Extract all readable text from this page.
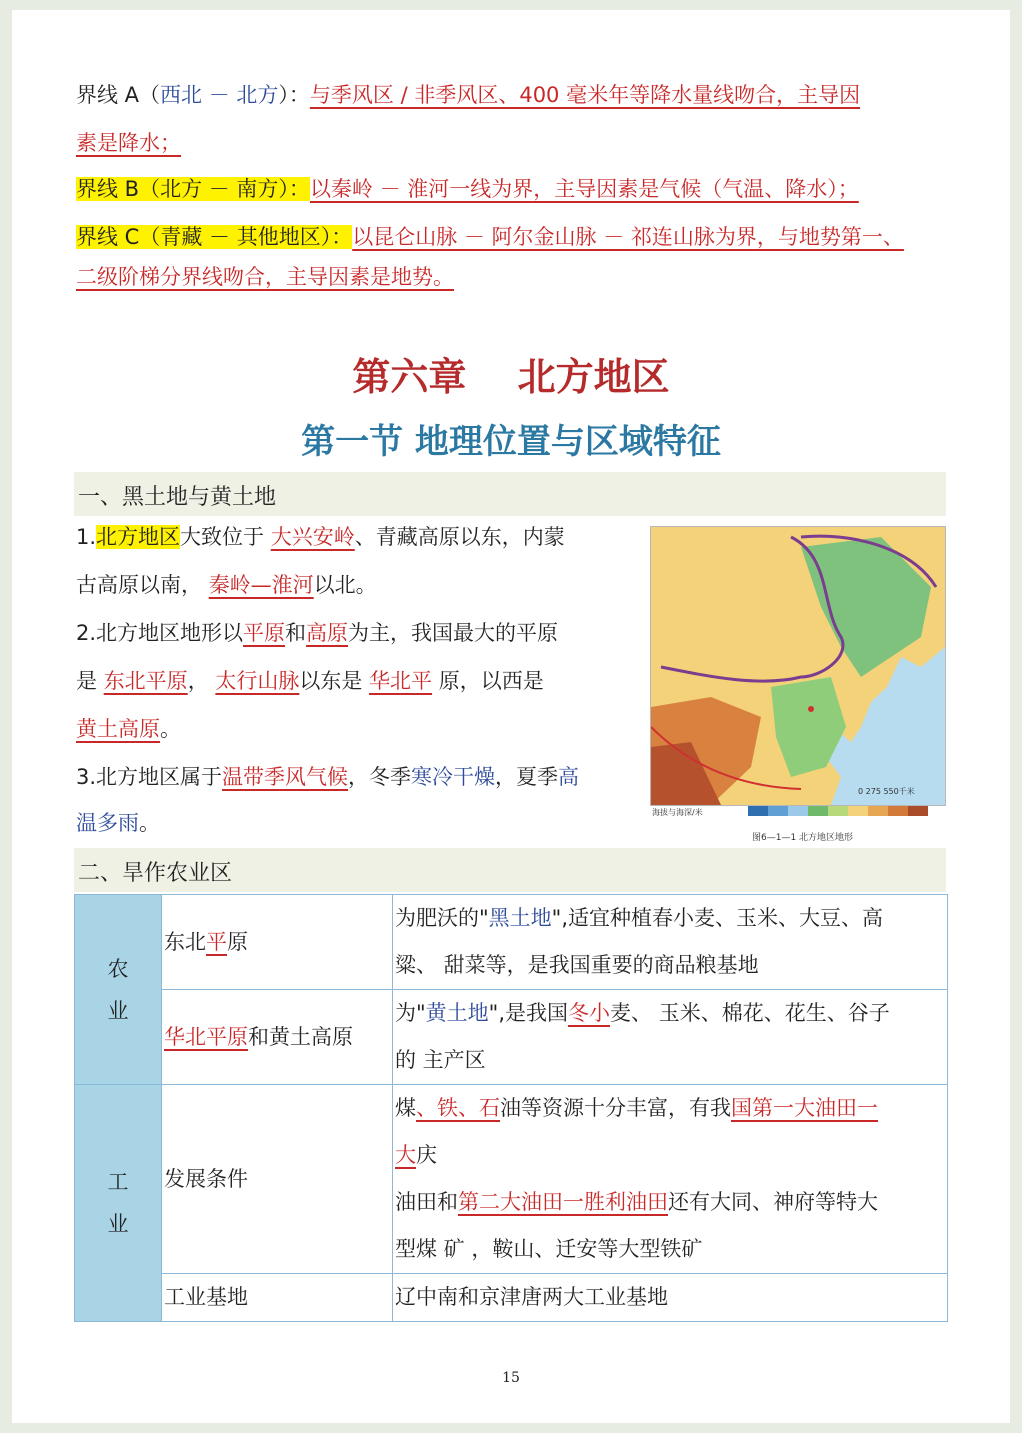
界线 A（西北 － 北方）：与季风区 / 非季风区、400 毫米年等降水量线吻合，主导因
素是降水；
界线 B（北方 － 南方）：以秦岭 － 淮河一线为界，主导因素是气候（气温、降水）；
界线 C（青藏 － 其他地区）：以昆仑山脉 － 阿尔金山脉 － 祁连山脉为界，与地势第一、
二级阶梯分界线吻合，主导因素是地势。
第六章　 北方地区
第一节 地理位置与区域特征
一、黑土地与黄土地
1.北方地区大致位于 大兴安岭、青藏高原以东，内蒙
古高原以南， 秦岭—淮河以北。
2.北方地区地形以平原和高原为主，我国最大的平原
是 东北平原， 太行山脉以东是 华北平 原，以西是
黄土高原。
3.北方地区属于温带季风气候，冬季寒冷干燥，夏季高
温多雨。	海拔与海深/米
0 275 550千米
图6—1—1 北方地区地形
二、旱作农业区
农
业	东北平原	为肥沃的"黑土地",适宜种植春小麦、玉米、大豆、高
粱、 甜菜等，是我国重要的商品粮基地
	华北平原和黄土高原	为"黄土地",是我国冬小麦、 玉米、棉花、花生、谷子
的 主产区
工
业	发展条件	煤、铁、石油等资源十分丰富，有我国第一大油田一
大庆
油田和第二大油田一胜利油田还有大同、神府等特大
型煤 矿 ，鞍山、迁安等大型铁矿
	工业基地	辽中南和京津唐两大工业基地
15
